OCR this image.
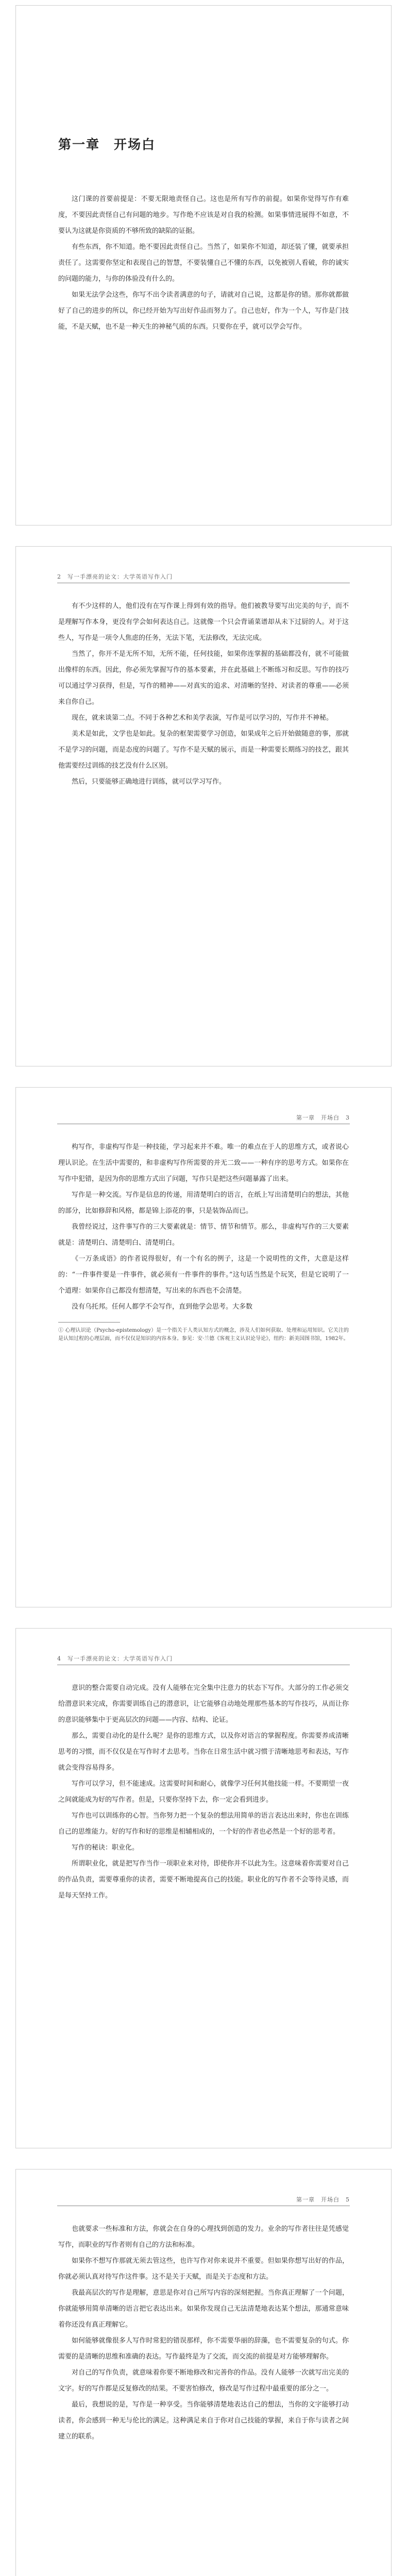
第一章　开场白

这门课的首要前提是：不要无限地责怪自己。这也是所有写作的前提。如果你觉得写作有难度，不要因此责怪自己有问题的地步。写作绝不应该是对自我的检测。如果事情进展得不如意，不要认为这就是你资质的不够所致的缺陷的证据。

有些东西，你不知道。绝不要因此责怪自己。当然了，如果你不知道，却还装了懂，就要承担责任了。这需要你坚定和表现自己的智慧，不要装懂自己不懂的东西，以免被别人看破，你的诚实的问题的能力，与你的体验没有什么的。

如果无法学会这些，你写不出令读者满意的句子，请就对自己说，这都是你的错。那你就都做好了自己的进步的所以，你已经开始为写出好作品而努力了。自己也好，作为一个人，写作是门技能，不是天赋，也不是一种天生的神秘气质的东西。只要你在乎，就可以学会写作。

2　写一手漂亮的论文：大学英语写作入门

有不少这样的人，他们没有在写作课上得到有效的指导。他们被教导要写出完美的句子，而不是理解写作本身，更没有学会如何表达自己。这就像一个只会背诵菜谱却从未下过厨的人。对于这些人，写作是一项令人焦虑的任务，无法下笔，无法修改，无法完成。

当然了，你开不是无所不知，无所不能，任何技能，如果你连掌握的基础都没有，就不可能做出像样的东西。因此，你必须先掌握写作的基本要素，并在此基础上不断练习和反思。写作的技巧可以通过学习获得，但是，写作的精神——对真实的追求、对清晰的坚持、对读者的尊重——必须来自你自己。

现在，就来谈第二点。不同于各种艺术和美学表演，写作是可以学习的，写作并不神秘。

美术是如此，文学也是如此。复杂的框架需要学习创造，如果成年之后开始做随意的事，那就不是学习的问题，而是态度的问题了。写作不是天赋的展示，而是一种需要长期练习的技艺，跟其他需要经过训练的技艺没有什么区别。

然后，只要能够正确地进行训练，就可以学习写作。

第一章　开场白　3

构写作，非虚构写作是一种技能，学习起来并不难。唯一的难点在于人的思维方式，或者说心理认识论。在生活中需要的，和非虚构写作所需要的并无二致——一种有序的思考方式。如果你在写作中犯错，是因为你的思维方式出了问题，写作只是把这些问题暴露了出来。

写作是一种交流。写作是信息的传递，用清楚明白的语言，在纸上写出清楚明白的想法，其他的部分，比如修辞和风格，都是锦上添花的事，只是装饰品而已。

我曾经说过，这件事写作的三大要素就是：情节、情节和情节。那么，非虚构写作的三大要素就是：清楚明白、清楚明白、清楚明白。

《一万条成语》的作者说得很好，有一个有名的例子，这是一个说明性的文件，大意是这样的：“一件事件要是一件事件，就必须有一件事件的事件。”这句话当然是个玩笑，但是它说明了一个道理：如果你自己都没有想清楚，写出来的东西也不会清楚。

没有乌托邦。任何人都学不会写作，直到他学会思考。大多数

① 心理认识论（Psycho-epistemology）是一个指关于人类认知方式的概念，涉及人们如何获取、处理和运用知识。它关注的是认知过程的心理层面，而不仅仅是知识的内容本身。参见：安·兰德《客观主义认识论导论》，纽约：新美国图书馆，1982年。
4　写一手漂亮的论文：大学英语写作入门

意识的整合需要自动完成。没有人能够在完全集中注意力的状态下写作。大部分的工作必须交给潜意识来完成，你需要训练自己的潜意识，让它能够自动地处理那些基本的写作技巧，从而让你的意识能够集中于更高层次的问题——内容、结构、论证。

那么，需要自动化的是什么呢？是你的思维方式，以及你对语言的掌握程度。你需要养成清晰思考的习惯，而不仅仅是在写作时才去思考。当你在日常生活中就习惯于清晰地思考和表达，写作就会变得容易得多。

写作可以学习，但不能速成。这需要时间和耐心，就像学习任何其他技能一样。不要期望一夜之间就能成为好的写作者。但是，只要你坚持下去，你一定会看到进步。

写作也可以训练你的心智。当你努力把一个复杂的想法用简单的语言表达出来时，你也在训练自己的思维能力。好的写作和好的思维是相辅相成的，一个好的作者也必然是一个好的思考者。

写作的秘诀：职业化。

所谓职业化，就是把写作当作一项职业来对待，即使你并不以此为生。这意味着你需要对自己的作品负责，需要尊重你的读者，需要不断地提高自己的技能。职业化的写作者不会等待灵感，而是每天坚持工作。

第一章　开场白　5

也就要求一些标准和方法，你就会在自身的心理找到创造的发力。业余的写作者往往是凭感觉写作，而职业的写作者则有自己的方法和标准。

如果你不想写作那就无须去管这些，也许写作对你来说并不重要。但如果你想写出好的作品，你就必须认真对待写作这件事。这不是关于天赋，而是关于态度和方法。

我最高层次的写作是理解，意思是你对自己所写内容的深刻把握。当你真正理解了一个问题，你就能够用简单清晰的语言把它表达出来。如果你发现自己无法清楚地表达某个想法，那通常意味着你还没有真正理解它。

如何能够就像很多人写作时常犯的错误那样，你不需要华丽的辞藻，也不需要复杂的句式。你需要的是清晰的思维和准确的表达。写作最终是为了交流，而交流的前提是对方能够理解你。

对自己的写作负责，就意味着你要不断地修改和完善你的作品。没有人能够一次就写出完美的文字。好的写作都是反复修改的结果。不要害怕修改，修改是写作过程中最重要的部分之一。

最后，我想说的是，写作是一种享受。当你能够清楚地表达自己的想法，当你的文字能够打动读者，你会感到一种无与伦比的满足。这种满足来自于你对自己技能的掌握，来自于你与读者之间建立的联系。
